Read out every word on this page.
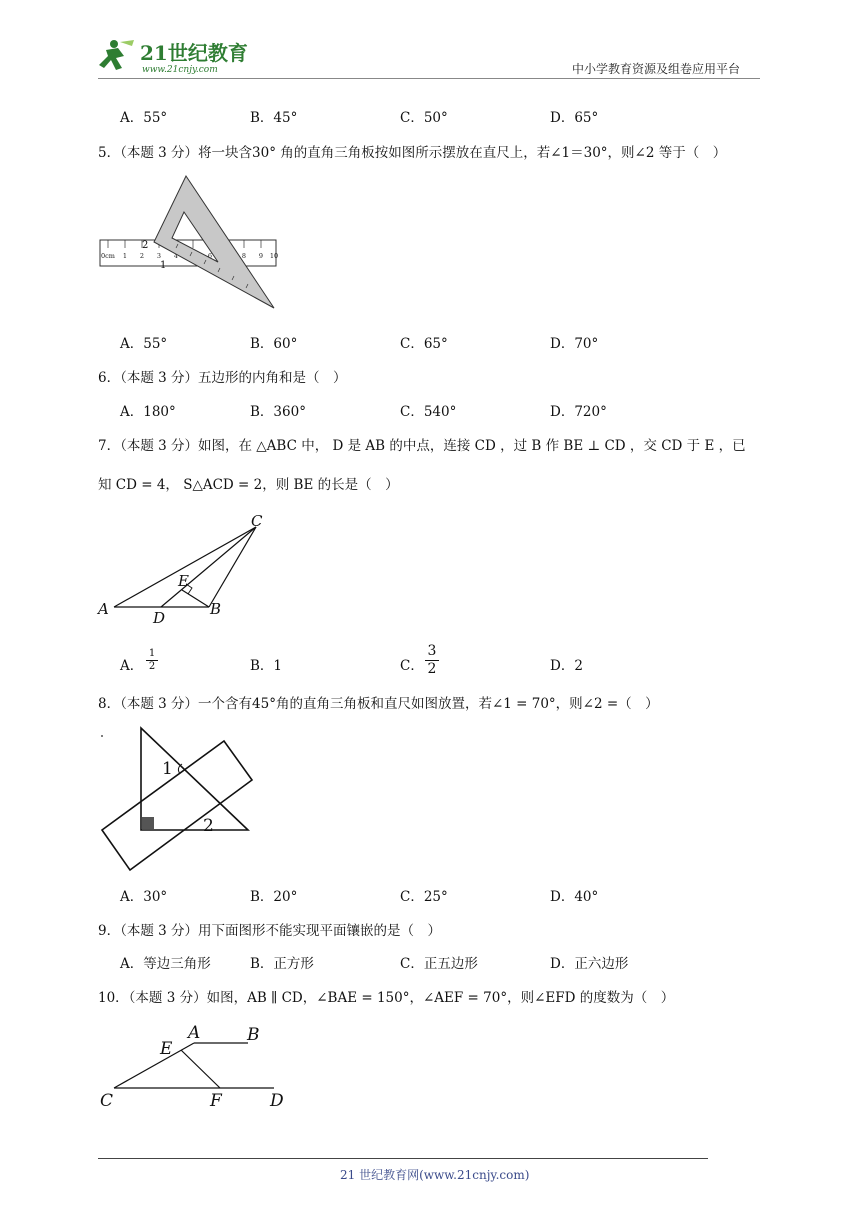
21世纪教育
www.21cnjy.com	中小学教育资源及组卷应用平台
A．55°	B．45°	C．50°	D．65°
5．（本题 3 分）将一块含30° 角的直角三角板按如图所示摆放在直尺上，若∠1＝30°，则∠2 等于（　）
0cm 1 2 3 4	6	8 9 10
2
1
A．55°	B．60°	C．65°	D．70°
6．（本题 3 分）五边形的内角和是（　）
A．180°	B．360°	C．540°	D．720°
7．（本题 3 分）如图，在 △ABC 中， D 是 AB 的中点，连接 CD ，过 B 作 BE ⊥ CD ，交 CD 于 E ，已
知 CD = 4， S△ACD = 2，则 BE 的长是（　）
A	B
C
D
E
A． $\frac{1}{2}$	B．1	C． $\frac{3}{2}$	D．2
8．（本题 3 分）一个含有45°角的直角三角板和直尺如图放置，若∠1 = 70°，则∠2 =（　）
1
2
A．30°	B．20°	C．25°	D．40°
9．（本题 3 分）用下面图形不能实现平面镶嵌的是（　）
A．等边三角形	B．正方形	C．正五边形	D．正六边形
10．（本题 3 分）如图，AB ∥ CD，∠BAE = 150°，∠AEF = 70°，则∠EFD 的度数为（　）
A	B
E
C	F	D
21 世纪教育网(www.21cnjy.com)
